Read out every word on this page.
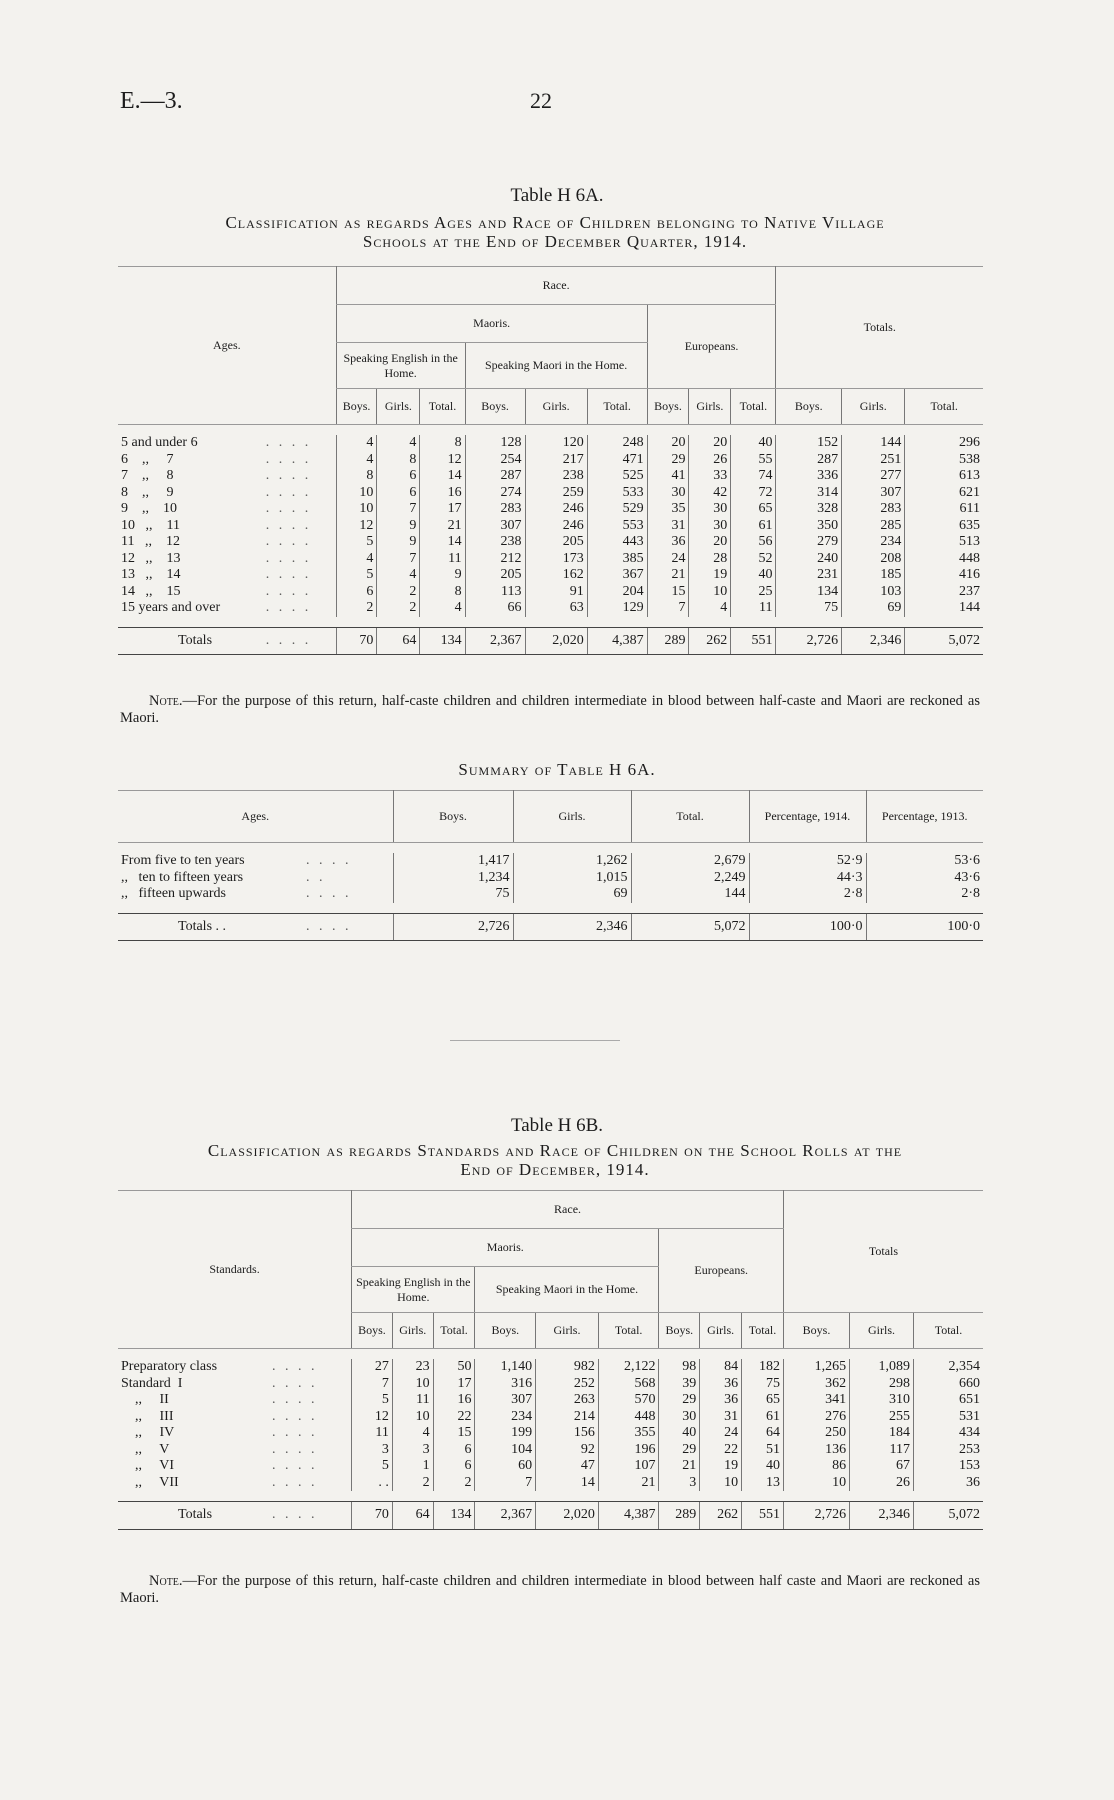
E.—3.	22
Table H 6A.
Classification as regards Ages and Race of Children belonging to Native Village
Schools at the End of December Quarter, 1914.
Ages.		Race.									Totals.		
		Maoris.						Europeans.					
		Speaking English in the Home.			Speaking Maori in the Home.								
		Boys.	Girls.	Total.	Boys.	Girls.	Total.	Boys.	Girls.	Total.	Boys.	Girls.	Total.

5 and under 6	. . . .	4	4	8	128	120	248	20	20	40	152	144	296
6    ,,     7	. . . .	4	8	12	254	217	471	29	26	55	287	251	538
7    ,,     8	. . . .	8	6	14	287	238	525	41	33	74	336	277	613
8    ,,     9	. . . .	10	6	16	274	259	533	30	42	72	314	307	621
9    ,,    10	. . . .	10	7	17	283	246	529	35	30	65	328	283	611
10   ,,    11	. . . .	12	9	21	307	246	553	31	30	61	350	285	635
11   ,,    12	. . . .	5	9	14	238	205	443	36	20	56	279	234	513
12   ,,    13	. . . .	4	7	11	212	173	385	24	28	52	240	208	448
13   ,,    14	. . . .	5	4	9	205	162	367	21	19	40	231	185	416
14   ,,    15	. . . .	6	2	8	113	91	204	15	10	25	134	103	237
15 years and over	. . . .	2	2	4	66	63	129	7	4	11	75	69	144

Totals	. . . .	70	64	134	2,367	2,020	4,387	289	262	551	2,726	2,346	5,072
  Note.—For the purpose of this return, half-caste children and children intermediate in blood between half-caste and Maori are reckoned as Maori.
Summary of Table H 6A.
Ages.		Boys.	Girls.	Total.	Percentage, 1914.	Percentage, 1913.

From five to ten years	. . . .	1,417	1,262	2,679	52·9	53·6
,,   ten to fifteen years	. .	1,234	1,015	2,249	44·3	43·6
,,   fifteen upwards	. . . .	75	69	144	2·8	2·8

Totals . .	. . . .	2,726	2,346	5,072	100·0	100·0
Table H 6B.
Classification as regards Standards and Race of Children on the School Rolls at the
End of December, 1914.
Standards.		Race.									Totals		
		Maoris.						Europeans.					
		Speaking English in the Home.			Speaking Maori in the Home.								
		Boys.	Girls.	Total.	Boys.	Girls.	Total.	Boys.	Girls.	Total.	Boys.	Girls.	Total.

Preparatory class	. . . .	27	23	50	1,140	982	2,122	98	84	182	1,265	1,089	2,354
Standard  I	. . . .	7	10	17	316	252	568	39	36	75	362	298	660
,,     II	. . . .	5	11	16	307	263	570	29	36	65	341	310	651
,,     III	. . . .	12	10	22	234	214	448	30	31	61	276	255	531
,,     IV	. . . .	11	4	15	199	156	355	40	24	64	250	184	434
,,     V	. . . .	3	3	6	104	92	196	29	22	51	136	117	253
,,     VI	. . . .	5	1	6	60	47	107	21	19	40	86	67	153
,,     VII	. . . .	. .	2	2	7	14	21	3	10	13	10	26	36

Totals	. . . .	70	64	134	2,367	2,020	4,387	289	262	551	2,726	2,346	5,072
  Note.—For the purpose of this return, half-caste children and children intermediate in blood between half caste and Maori are reckoned as Maori.
